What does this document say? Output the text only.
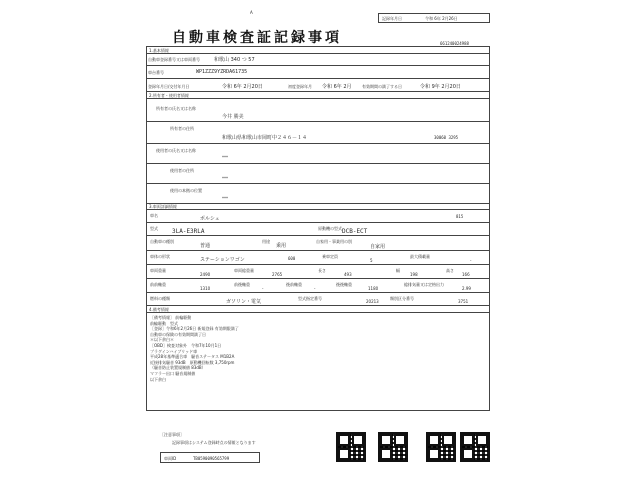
A
記録年月日	令和 6年 2月26日
自動車検査証記録事項	661240024988
1.基本情報
自動車登録番号又は車両番号	和歌山 340 つ 57
車台番号	WP1ZZZ9YZRDA61735
登録年月日/交付年月日	令和 6年 2月20日	初度登録年月 令和 6年 2月	有効期間の満了する日	令和 9年 2月20日
2.所有者・使用者情報
所有者の氏名又は名称
今井 勝美
所有者の住所
和歌山県和歌山市岡町中２４６－１４	30060 3295
使用者の氏名又は名称
***
使用者の住所
***
使用の本拠の位置
***
3.車両詳細情報
車名
ポルシェ	815
型式 3LA-E3RLA	原動機の型式 DCB-ECT
自動車の種別
普通
用途
乗用
自家用・事業用の別
自家用
車体の形状
ステーションワゴン	600	乗車定員
5
最大積載量
-
車両重量
2490
車両総重量
2765
長さ
493
幅
198
高さ
166
前前軸重
1310
前後軸重
-
後前軸重
-
後後軸重
1180
総排気量又は定格出力
2.99
燃料の種類
ガソリン・電気
型式指定番号
20213
類別区分番号
3751
4.備考情報
［備考情報］ 前輪駆動
前輪駆動　型式
［登録］令和6年2月26日 新規登録 有効期限満了
自動車の保険の有効期間満了日
＊以下余白＊
［OBD］検査対象外　令和7年10月1日
プラグインハイブリッド車
平成28年基準適合車　騒音ステータス M1B2A
近接排気騒音 93dB　原動機回転数 3,750rpm
（騒音防止装置規制値 83dB）
マフラー出口 騒音規制値
以下余白
［注意事項］
記録事項はシステム登録時点の情報となります
車両ID	TB0590090565799
